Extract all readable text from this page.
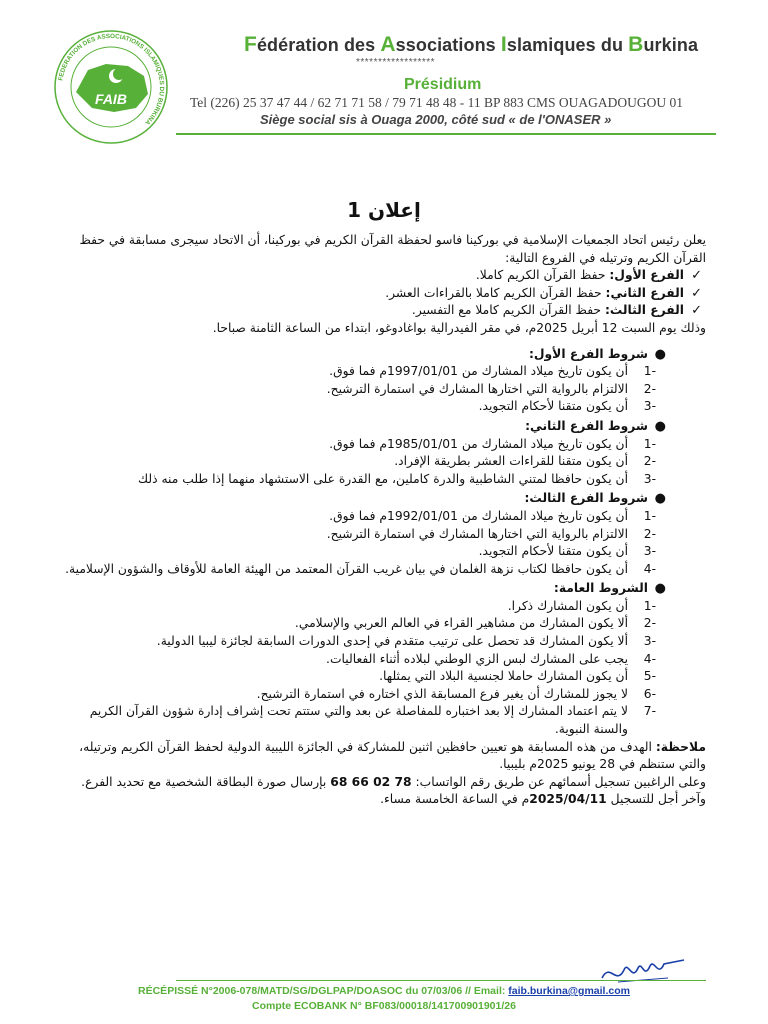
FAIB
FEDERATION DES ASSOCIATIONS ISLAMIQUES DU BURKINA
Fédération des Associations Islamiques du Burkina
******************
Présidium
Tel (226) 25 37 47 44 / 62 71 71 58 / 79 71 48 48 - 11 BP 883 CMS OUAGADOUGOU 01
Siège social sis à Ouaga 2000, côté sud « de l'ONASER »
إعلان 1

يعلن رئيس اتحاد الجمعيات الإسلامية في بوركينا فاسو لحفظة القرآن الكريم في بوركينا، أن الاتحاد سيجرى مسابقة في حفظ القرآن الكريم وترتيله في الفروع التالية:

✓
الفرع الأول: حفظ القرآن الكريم كاملا.
✓
الفرع الثاني: حفظ القرآن الكريم كاملا بالقراءات العشر.
✓
الفرع الثالث: حفظ القرآن الكريم كاملا مع التفسير.

وذلك يوم السبت 12 أبريل 2025م، في مقر الفيدرالية بواغادوغو، ابتداء من الساعة الثامنة صباحا.

●
شروط الفرع الأول:
-1
أن يكون تاريخ ميلاد المشارك من 1997/01/01م فما فوق.
-2
الالتزام بالرواية التي اختارها المشارك في استمارة الترشيح.
-3
أن يكون متقنا لأحكام التجويد.
●
شروط الفرع الثاني:
-1
أن يكون تاريخ ميلاد المشارك من 1985/01/01م فما فوق.
-2
أن يكون متقنا للقراءات العشر بطريقة الإفراد.
-3
أن يكون حافظا لمتني الشاطبية والدرة كاملين، مع القدرة على الاستشهاد منهما إذا طلب منه ذلك
●
شروط الفرع الثالث:
-1
أن يكون تاريخ ميلاد المشارك من 1992/01/01م فما فوق.
-2
الالتزام بالرواية التي اختارها المشارك في استمارة الترشيح.
-3
أن يكون متقنا لأحكام التجويد.
-4
أن يكون حافظا لكتاب نزهة الغلمان في بيان غريب القرآن المعتمد من الهيئة العامة للأوقاف والشؤون الإسلامية.
●
الشروط العامة:
-1
أن يكون المشارك ذكرا.
-2
ألا يكون المشارك من مشاهير القراء في العالم العربي والإسلامي.
-3
ألا يكون المشارك قد تحصل على ترتيب متقدم في إحدى الدورات السابقة لجائزة ليبيا الدولية.
-4
يجب على المشارك لبس الزي الوطني لبلاده أثناء الفعاليات.
-5
أن يكون المشارك حاملا لجنسية البلاد التي يمثلها.
-6
لا يجوز للمشارك أن يغير فرع المسابقة الذي اختاره في استمارة الترشيح.
-7
لا يتم اعتماد المشارك إلا بعد اختباره للمفاصلة عن بعد والتي ستتم تحت إشراف إدارة شؤون القرآن الكريم والسنة النبوية.

ملاحظة: الهدف من هذه المسابقة هو تعيين حافظين اثنين للمشاركة في الجائزة الليبية الدولية لحفظ القرآن الكريم وترتيله، والتي ستنظم في 28 يونيو 2025م بليبيا.

وعلى الراغبين تسجيل أسمائهم عن طريق رقم الواتساب: 78 02 66 68 بإرسال صورة البطاقة الشخصية مع تحديد الفرع. وآخر أجل للتسجيل 2025/04/11م في الساعة الخامسة مساء.

RÉCÉPISSÉ N°2006-078/MATD/SG/DGLPAP/DOASOC du 07/03/06 // Email: faib.burkina@gmail.com
Compte ECOBANK N° BF083/00018/141700901901/26
